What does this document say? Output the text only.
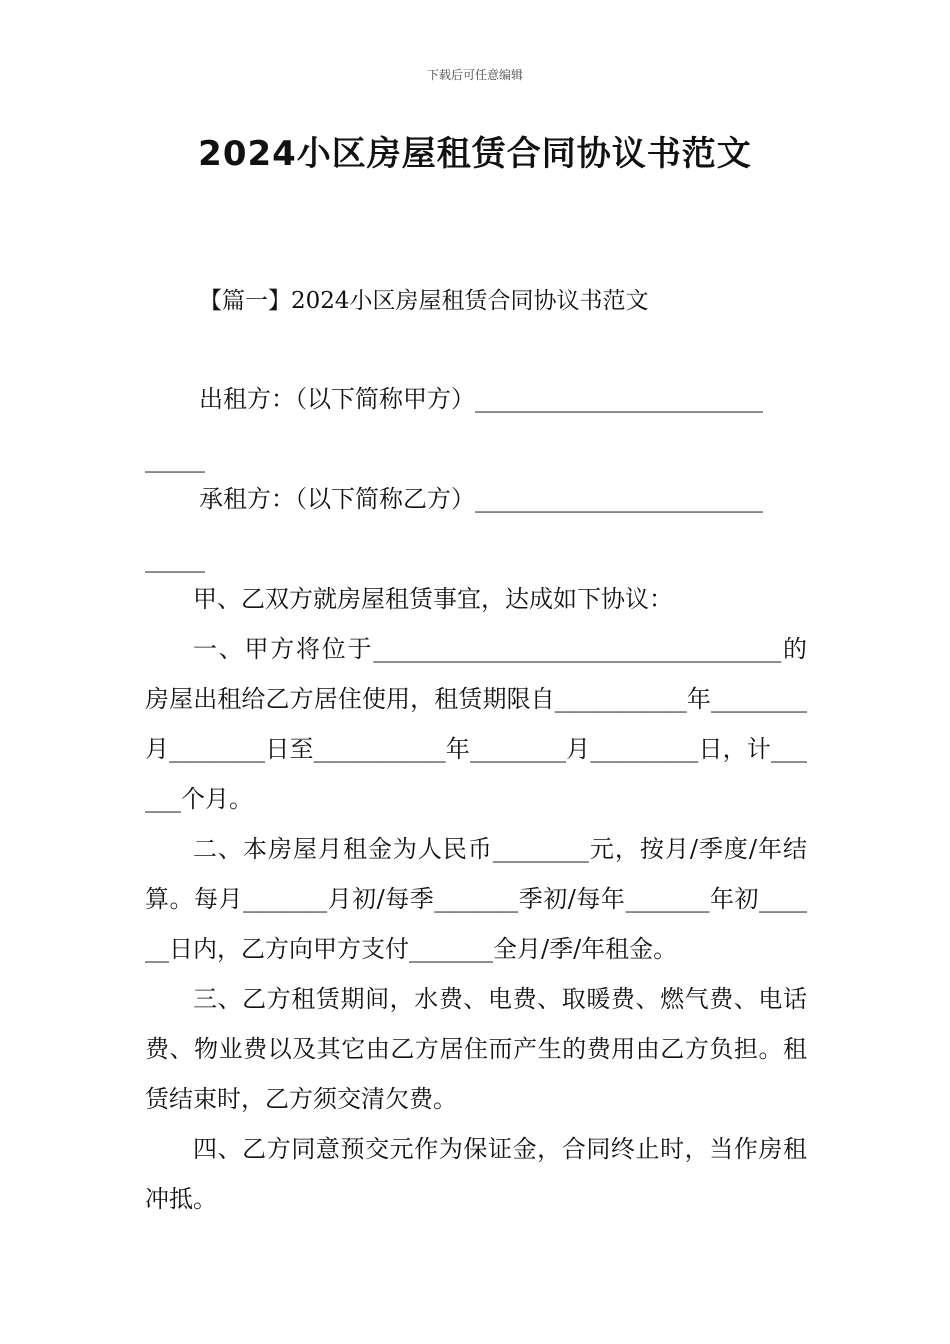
下载后可任意编辑
2024小区房屋租赁合同协议书范文
【篇一】2024小区房屋租赁合同协议书范文
出租方：（以下简称甲方）________________________
_____
承租方：（以下简称乙方）________________________
_____

甲、乙双方就房屋租赁事宜，达成如下协议：

一、甲方将位于__________________________________的房屋出租给乙方居住使用，租赁期限自___________年________月________日至___________年________月_________日，计______个月。

二、本房屋月租金为人民币________元，按月/季度/年结算。每月_______月初/每季_______季初/每年_______年初______日内，乙方向甲方支付_______全月/季/年租金。

三、乙方租赁期间，水费、电费、取暖费、燃气费、电话费、物业费以及其它由乙方居住而产生的费用由乙方负担。租赁结束时，乙方须交清欠费。

四、乙方同意预交元作为保证金，合同终止时，当作房租冲抵。
